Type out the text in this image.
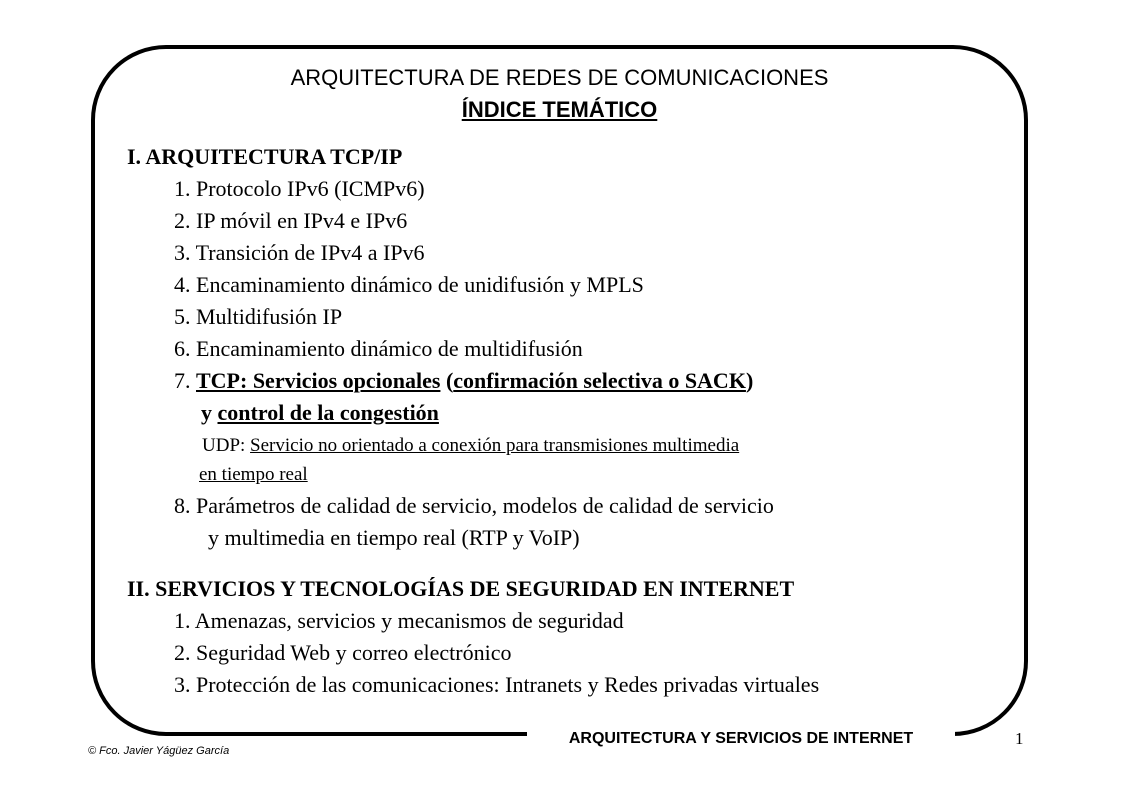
ARQUITECTURA DE REDES DE COMUNICACIONES
ÍNDICE TEMÁTICO
I. ARQUITECTURA TCP/IP
1. Protocolo IPv6 (ICMPv6)
2. IP móvil en IPv4 e IPv6
3. Transición de IPv4 a IPv6
4. Encaminamiento dinámico de unidifusión y MPLS
5. Multidifusión IP
6. Encaminamiento dinámico de multidifusión
7. TCP: Servicios opcionales (confirmación selectiva o SACK)
y control de la congestión
UDP: Servicio no orientado a conexión para transmisiones multimedia
en tiempo real
8. Parámetros de calidad de servicio, modelos de calidad de servicio
y multimedia en tiempo real (RTP y VoIP)
II. SERVICIOS Y TECNOLOGÍAS DE SEGURIDAD EN INTERNET
1. Amenazas, servicios y mecanismos de seguridad
2. Seguridad Web y correo electrónico
3. Protección de las comunicaciones: Intranets y Redes privadas virtuales
ARQUITECTURA Y SERVICIOS DE INTERNET	1
© Fco. Javier Yágüez García
